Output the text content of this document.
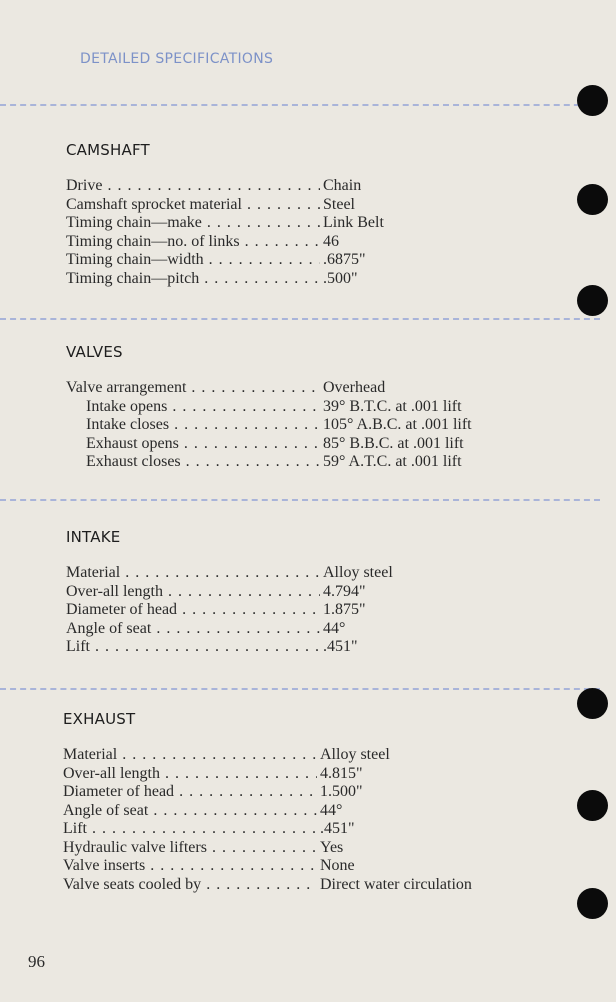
DETAILED SPECIFICATIONS
CAMSHAFT
Drive . . .	Chain
Camshaft sprocket material . . .	Steel
Timing chain—make . . .	Link Belt
Timing chain—no. of links . . .	46
Timing chain—width . . .	.6875"
Timing chain—pitch . . .	.500"
VALVES
Valve arrangement . . .	Overhead
Intake opens . . .	39° B.T.C. at .001 lift
Intake closes . . .	105° A.B.C. at .001 lift
Exhaust opens . . .	85° B.B.C. at .001 lift
Exhaust closes . . .	59° A.T.C. at .001 lift
INTAKE
Material . . .	Alloy steel
Over-all length . . .	4.794"
Diameter of head . . .	1.875"
Angle of seat . . .	44°
Lift . . .	.451"
EXHAUST
Material . . .	Alloy steel
Over-all length . . .	4.815"
Diameter of head . . .	1.500"
Angle of seat . . .	44°
Lift . . .	.451"
Hydraulic valve lifters . . .	Yes
Valve inserts . . .	None
Valve seats cooled by . . .	Direct water circulation
96
